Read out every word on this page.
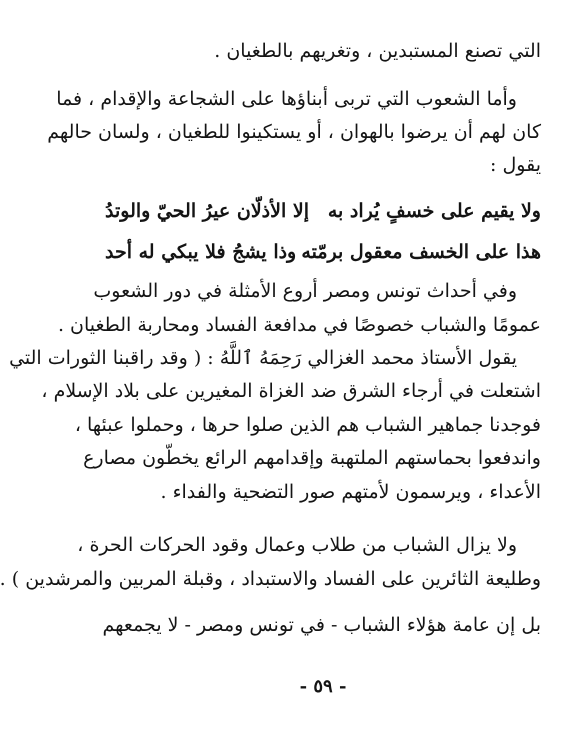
التي تصنع المستبدين ، وتغريهم بالطغيان .
وأما الشعوب التي تربى أبناؤها على الشجاعة والإقدام ، فما
كان لهم أن يرضوا بالهوان ، أو يستكينوا للطغيان ، ولسان حالهم
يقول :
ولا يقيم على خسفٍ يُراد به
إلا الأذلّان عيرُ الحيّ والوتدُ
هذا على الخسف معقول برمّته
وذا يشجُ فلا يبكي له أحد
وفي أحداث تونس ومصر أروع الأمثلة في دور الشعوب
عمومًا والشباب خصوصًا في مدافعة الفساد ومحاربة الطغيان .
يقول الأستاذ محمد الغزالي رَحِمَهُ ٱللَّهُ : ( وقد راقبنا الثورات التي
اشتعلت في أرجاء الشرق ضد الغزاة المغيرين على بلاد الإسلام ،
فوجدنا جماهير الشباب هم الذين صلوا حرها ، وحملوا عبئها ،
واندفعوا بحماستهم الملتهبة وإقدامهم الرائع يخطّون مصارع
الأعداء ، ويرسمون لأمتهم صور التضحية والفداء .
ولا يزال الشباب من طلاب وعمال وقود الحركات الحرة ،
وطليعة الثائرين على الفساد والاستبداد ، وقبلة المربين والمرشدين ) .
بل إن عامة هؤلاء الشباب - في تونس ومصر - لا يجمعهم
- ٥٩ -
